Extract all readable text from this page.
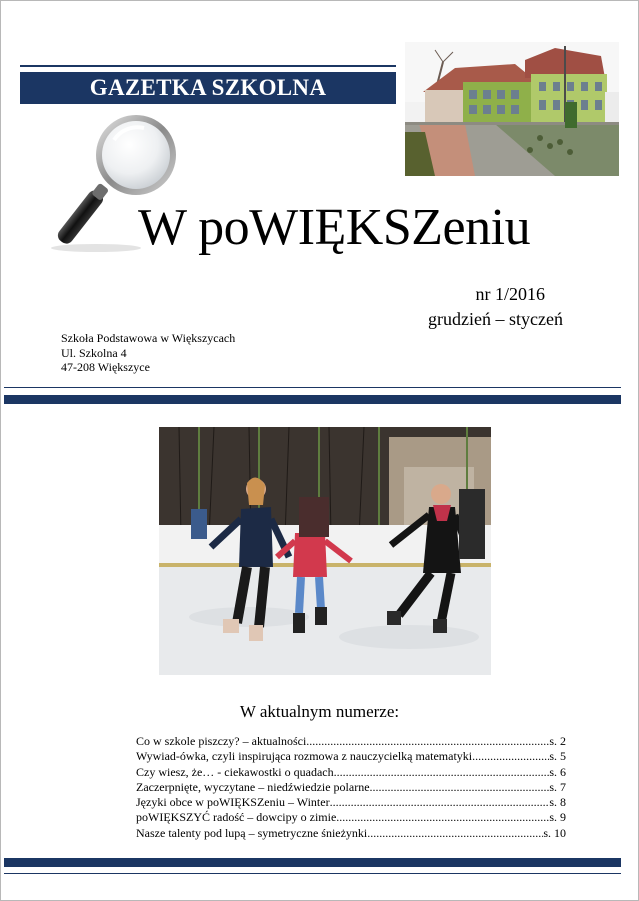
GAZETKA SZKOLNA
W poWIĘKSZeniu
nr 1/2016
grudzień – styczeń
Szkoła Podstawowa w Większycach
Ul. Szkolna 4
47-208 Większyce
W aktualnym numerze:
Co w szkole piszczy? – aktualności .....	s. 2
Wywiad-ówka, czyli inspirująca rozmowa z nauczycielką matematyki.. .....	s. 5
Czy wiesz, że… - ciekawostki o quadach .....	s. 6
Zaczerpnięte, wyczytane – niedźwiedzie polarne .....	s. 7
Języki obce w poWIĘKSZeniu – Winter .....	s. 8
poWIĘKSZYĆ radość – dowcipy o zimie .....	s. 9
Nasze talenty pod lupą – symetryczne śnieżynki .....	s. 10
